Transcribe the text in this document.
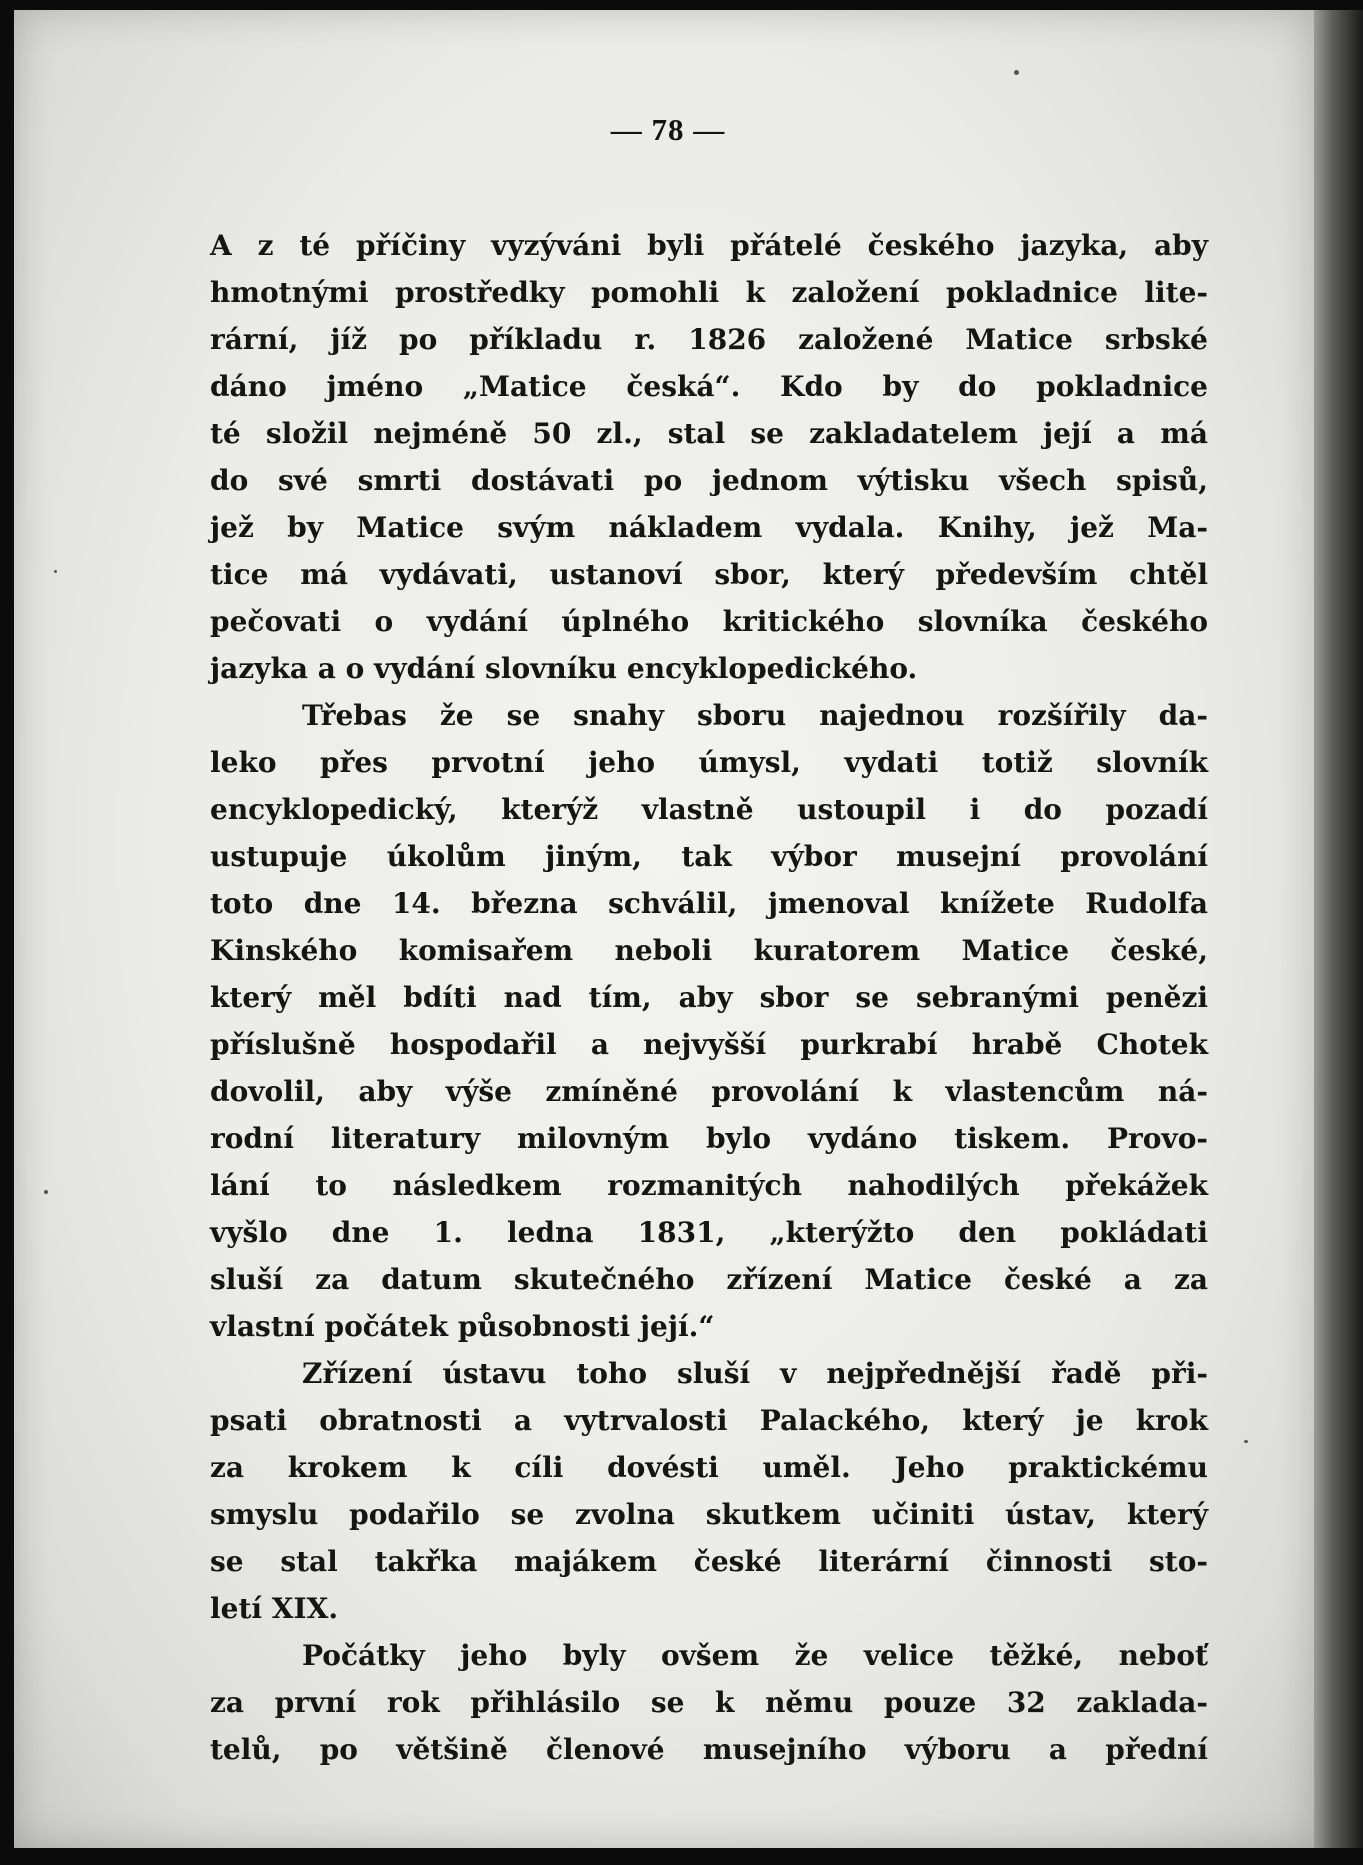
— 78 —
A z té příčiny vyzýváni byli přátelé českého jazyka, aby
hmotnými prostředky pomohli k založení pokladnice lite-
rární, jíž po příkladu r. 1826 založené Matice srbské
dáno jméno „Matice česká“. Kdo by do pokladnice
té složil nejméně 50 zl., stal se zakladatelem její a má
do své smrti dostávati po jednom výtisku všech spisů,
jež by Matice svým nákladem vydala. Knihy, jež Ma-
tice má vydávati, ustanoví sbor, který především chtěl
pečovati o vydání úplného kritického slovníka českého
jazyka a o vydání slovníku encyklopedického.
Třebas že se snahy sboru najednou rozšířily da-
leko přes prvotní jeho úmysl, vydati totiž slovník
encyklopedický, kterýž vlastně ustoupil i do pozadí
ustupuje úkolům jiným, tak výbor musejní provolání
toto dne 14. března schválil, jmenoval knížete Rudolfa
Kinského komisařem neboli kuratorem Matice české,
který měl bdíti nad tím, aby sbor se sebranými penězi
příslušně hospodařil a nejvyšší purkrabí hrabě Chotek
dovolil, aby výše zmíněné provolání k vlastencům ná-
rodní literatury milovným bylo vydáno tiskem. Provo-
lání to následkem rozmanitých nahodilých překážek
vyšlo dne 1. ledna 1831, „kterýžto den pokládati
sluší za datum skutečného zřízení Matice české a za
vlastní počátek působnosti její.“
Zřízení ústavu toho sluší v nejpřednější řadě při-
psati obratnosti a vytrvalosti Palackého, který je krok
za krokem k cíli dovésti uměl. Jeho praktickému
smyslu podařilo se zvolna skutkem učiniti ústav, který
se stal takřka majákem české literární činnosti sto-
letí XIX.
Počátky jeho byly ovšem že velice těžké, neboť
za první rok přihlásilo se k němu pouze 32 zaklada-
telů, po většině členové musejního výboru a přední
